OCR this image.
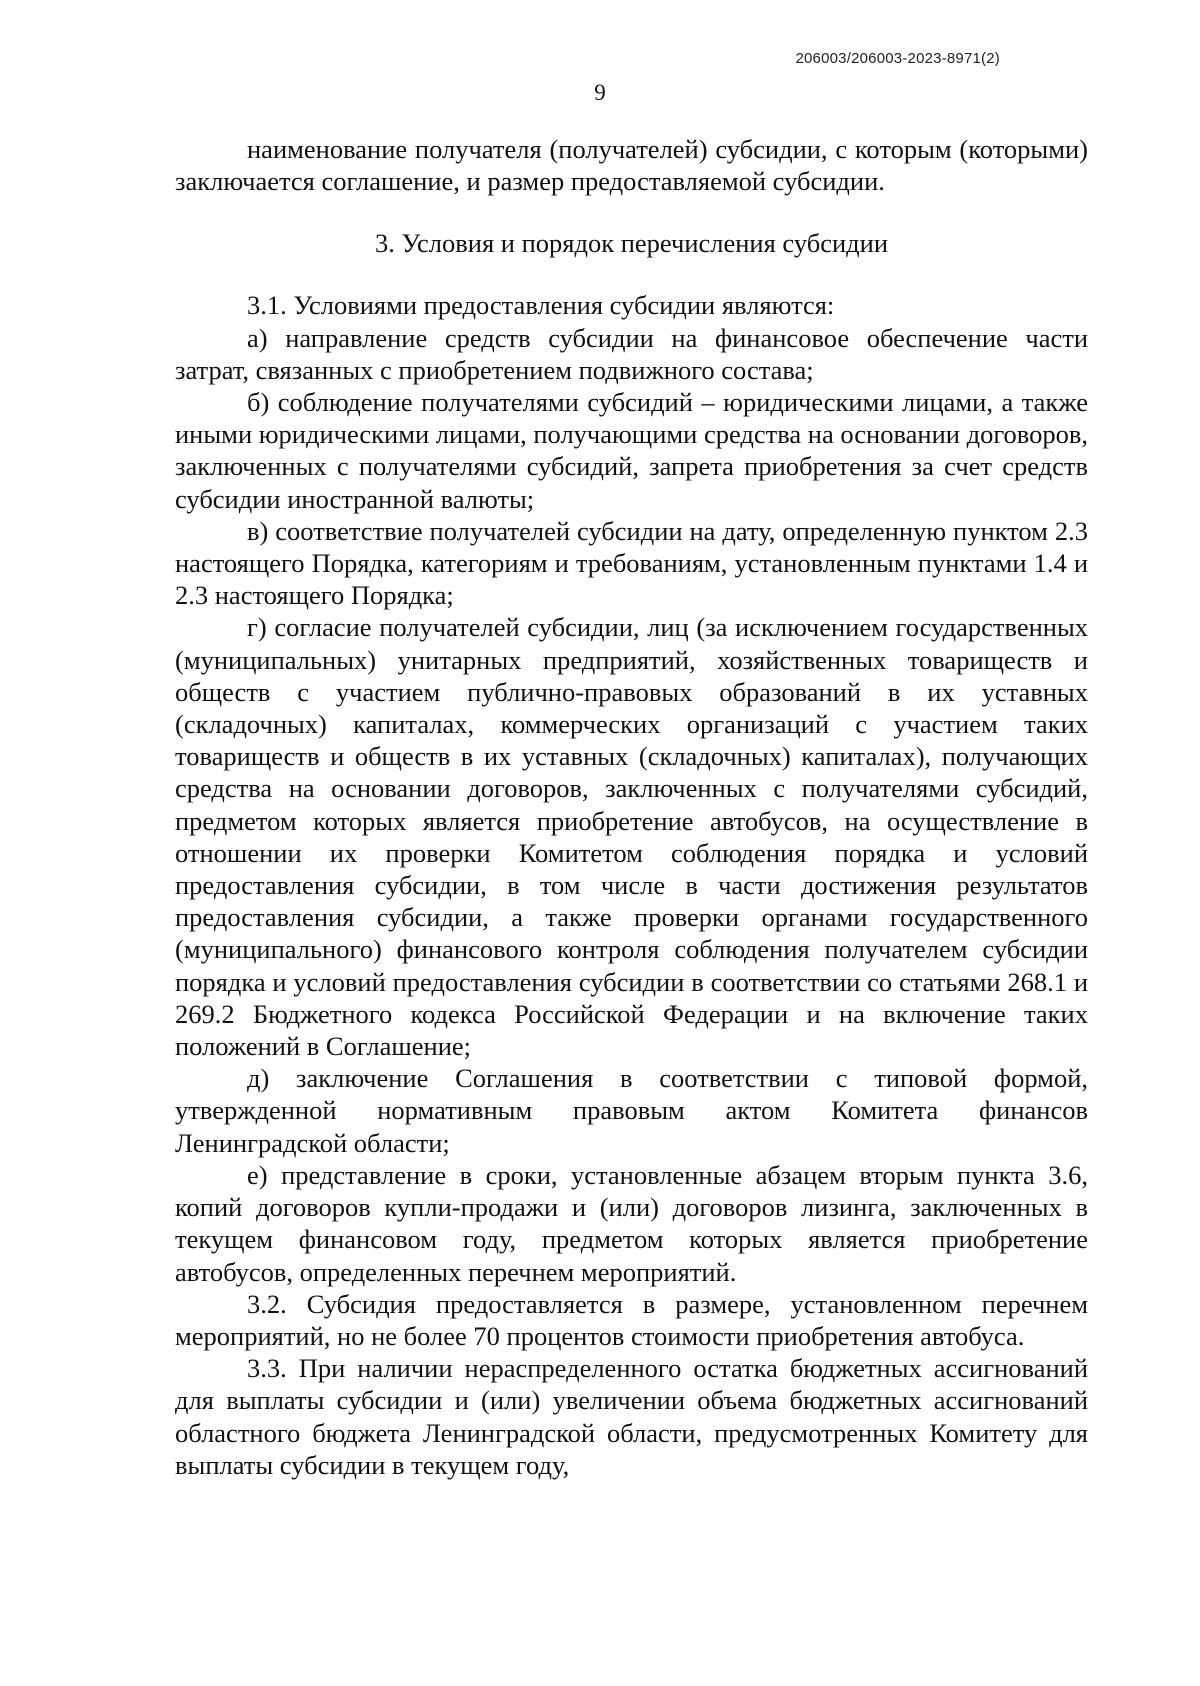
206003/206003-2023-8971(2)
9

наименование получателя (получателей) субсидии, с которым (которыми) заключается соглашение, и размер предоставляемой субсидии.

3. Условия и порядок перечисления субсидии

3.1. Условиями предоставления субсидии являются:

а) направление средств субсидии на финансовое обеспечение части затрат, связанных с приобретением подвижного состава;

б) соблюдение получателями субсидий – юридическими лицами, а также иными юридическими лицами, получающими средства на основании договоров, заключенных с получателями субсидий, запрета приобретения за счет средств субсидии иностранной валюты;

в) соответствие получателей субсидии на дату, определенную пунктом 2.3 настоящего Порядка, категориям и требованиям, установленным пунктами 1.4 и 2.3 настоящего Порядка;

г) согласие получателей субсидии, лиц (за исключением государственных (муниципальных) унитарных предприятий, хозяйственных товариществ и обществ с участием публично-правовых образований в их уставных (складочных) капиталах, коммерческих организаций с участием таких товариществ и обществ в их уставных (складочных) капиталах), получающих средства на основании договоров, заключенных с получателями субсидий, предметом которых является приобретение автобусов, на осуществление в отношении их проверки Комитетом соблюдения порядка и условий предоставления субсидии, в том числе в части достижения результатов предоставления субсидии, а также проверки органами государственного (муниципального) финансового контроля соблюдения получателем субсидии порядка и условий предоставления субсидии в соответствии со статьями 268.1 и 269.2 Бюджетного кодекса Российской Федерации и на включение таких положений в Соглашение;

д) заключение Соглашения в соответствии с типовой формой, утвержденной нормативным правовым актом Комитета финансов Ленинградской области;

е) представление в сроки, установленные абзацем вторым пункта 3.6, копий договоров купли-продажи и (или) договоров лизинга, заключенных в текущем финансовом году, предметом которых является приобретение автобусов, определенных перечнем мероприятий.

3.2. Субсидия предоставляется в размере, установленном перечнем мероприятий, но не более 70 процентов стоимости приобретения автобуса.

3.3. При наличии нераспределенного остатка бюджетных ассигнований для выплаты субсидии и (или) увеличении объема бюджетных ассигнований областного бюджета Ленинградской области, предусмотренных Комитету для выплаты субсидии в текущем году,
